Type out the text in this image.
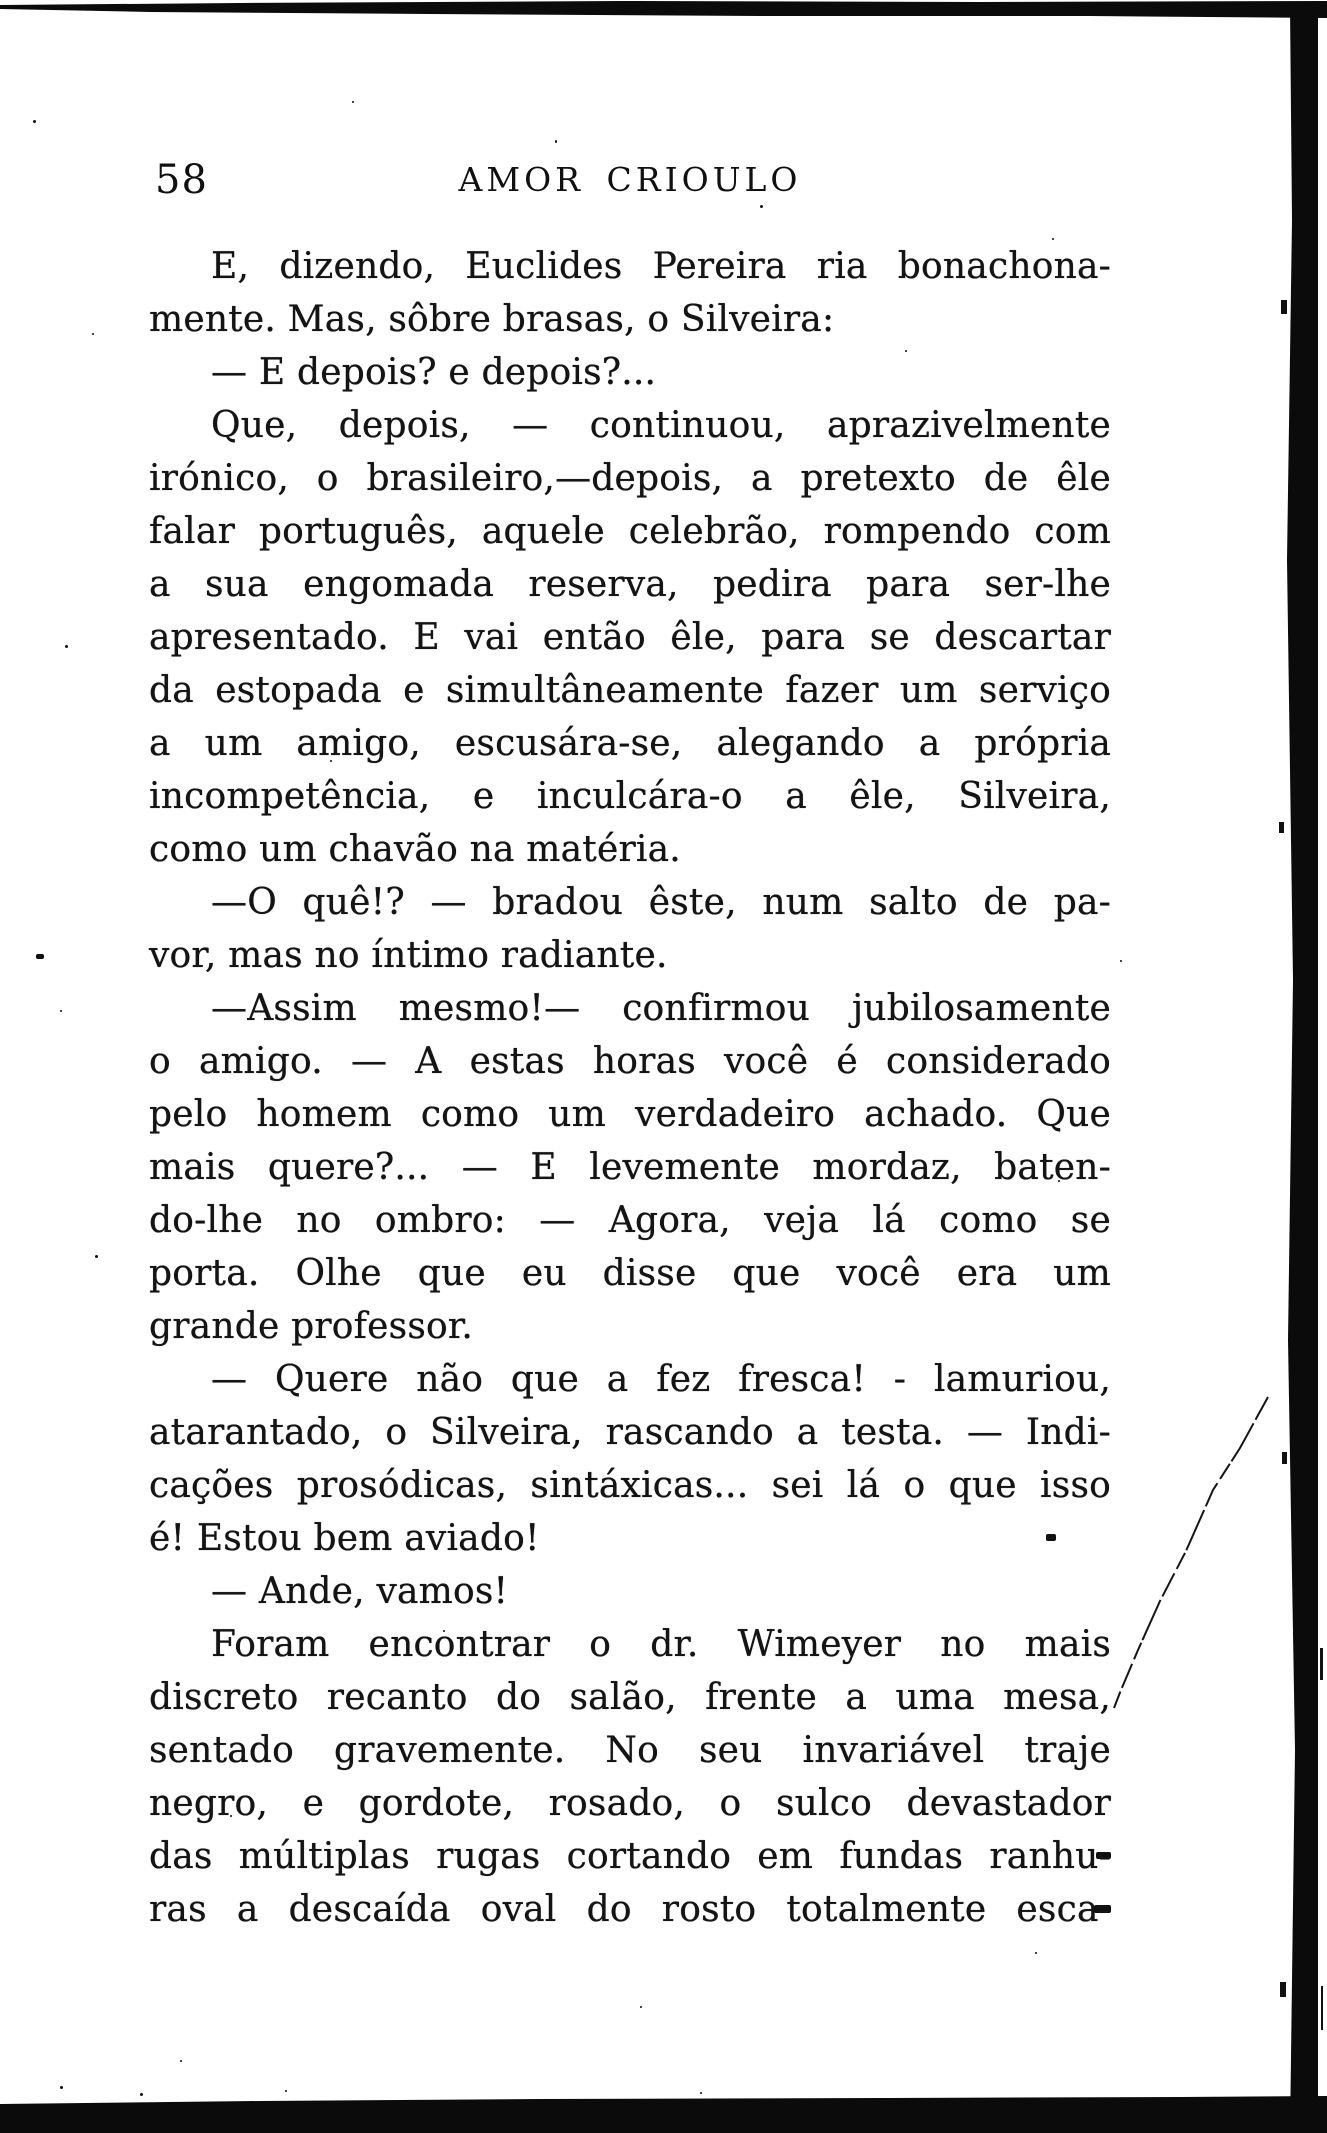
58	AMOR CRIOULO
E, dizendo, Euclides Pereira ria bonachona-
mente. Mas, sôbre brasas, o Silveira:
— E depois? e depois?...
Que, depois, — continuou, aprazivelmente
irónico, o brasileiro,—depois, a pretexto de êle
falar português, aquele celebrão, rompendo com
a sua engomada reserva, pedira para ser-lhe
apresentado. E vai então êle, para se descartar
da estopada e simultâneamente fazer um serviço
a um amigo, escusára-se, alegando a própria
incompetência, e inculcára-o a êle, Silveira,
como um chavão na matéria.
—O quê!? — bradou êste, num salto de pa-
vor, mas no íntimo radiante.
—Assim mesmo!— confirmou jubilosamente
o amigo. — A estas horas você é considerado
pelo homem como um verdadeiro achado. Que
mais quere?... — E levemente mordaz, baten-
do-lhe no ombro: — Agora, veja lá como se
porta. Olhe que eu disse que você era um
grande professor.
— Quere não que a fez fresca! - lamuriou,
atarantado, o Silveira, rascando a testa. — Indi-
cações prosódicas, sintáxicas... sei lá o que isso
é! Estou bem aviado!
— Ande, vamos!
Foram encontrar o dr. Wimeyer no mais
discreto recanto do salão, frente a uma mesa,
sentado gravemente. No seu invariável traje
negro, e gordote, rosado, o sulco devastador
das múltiplas rugas cortando em fundas ranhu-
ras a descaída oval do rosto totalmente esca-
